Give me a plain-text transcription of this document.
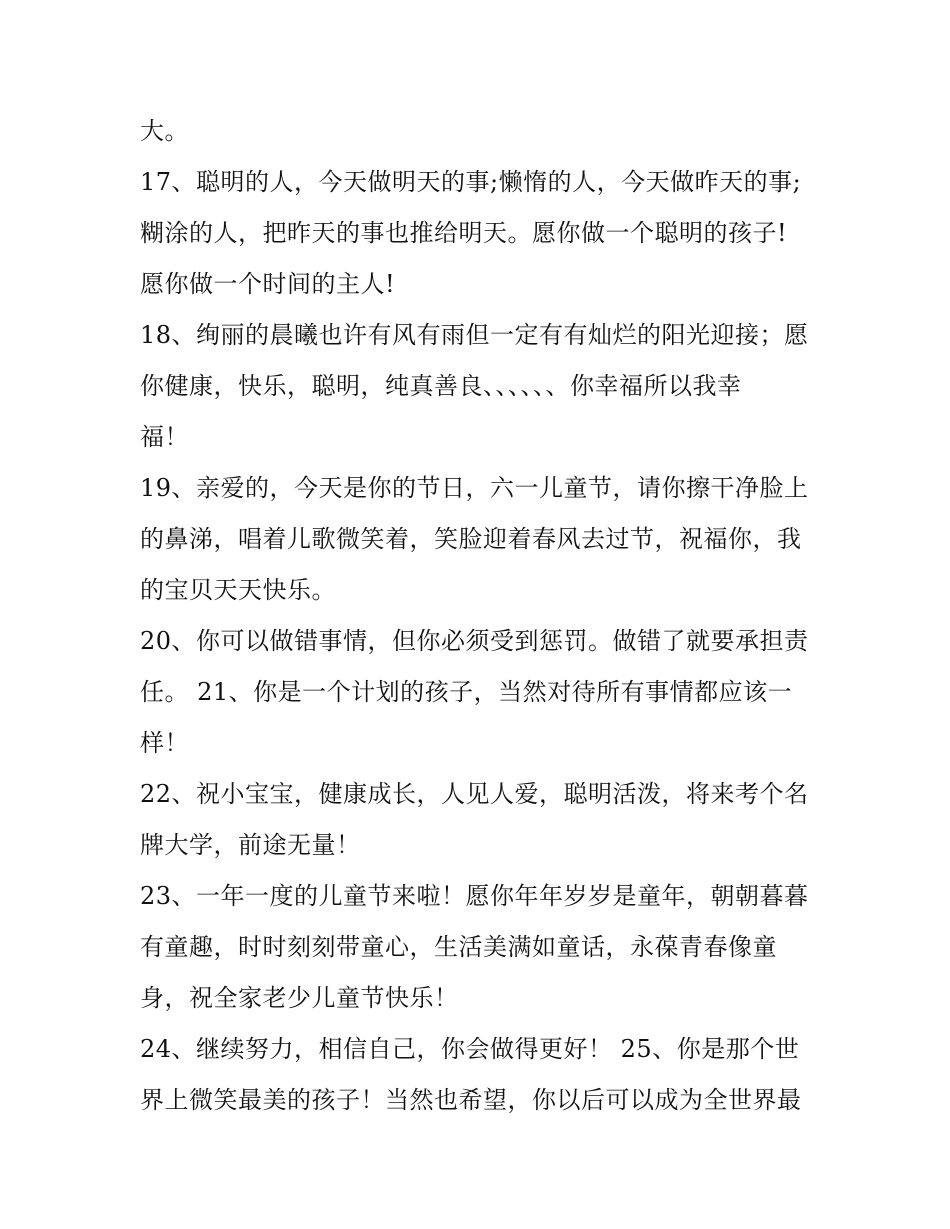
大。
17、聪明的人，今天做明天的事;懒惰的人，今天做昨天的事;
糊涂的人，把昨天的事也推给明天。愿你做一个聪明的孩子!
愿你做一个时间的主人!
18、绚丽的晨曦也许有风有雨但一定有有灿烂的阳光迎接；愿
你健康，快乐，聪明，纯真善良、、、、、、你幸福所以我幸
福！
19、亲爱的，今天是你的节日，六一儿童节，请你擦干净脸上
的鼻涕，唱着儿歌微笑着，笑脸迎着春风去过节，祝福你，我
的宝贝天天快乐。
20、你可以做错事情，但你必须受到惩罚。做错了就要承担责
任。 21、你是一个计划的孩子，当然对待所有事情都应该一
样！
22、祝小宝宝，健康成长，人见人爱，聪明活泼，将来考个名
牌大学，前途无量！
23、一年一度的儿童节来啦！愿你年年岁岁是童年，朝朝暮暮
有童趣，时时刻刻带童心，生活美满如童话，永葆青春像童
身，祝全家老少儿童节快乐！
24、继续努力，相信自己，你会做得更好！ 25、你是那个世
界上微笑最美的孩子！当然也希望，你以后可以成为全世界最
